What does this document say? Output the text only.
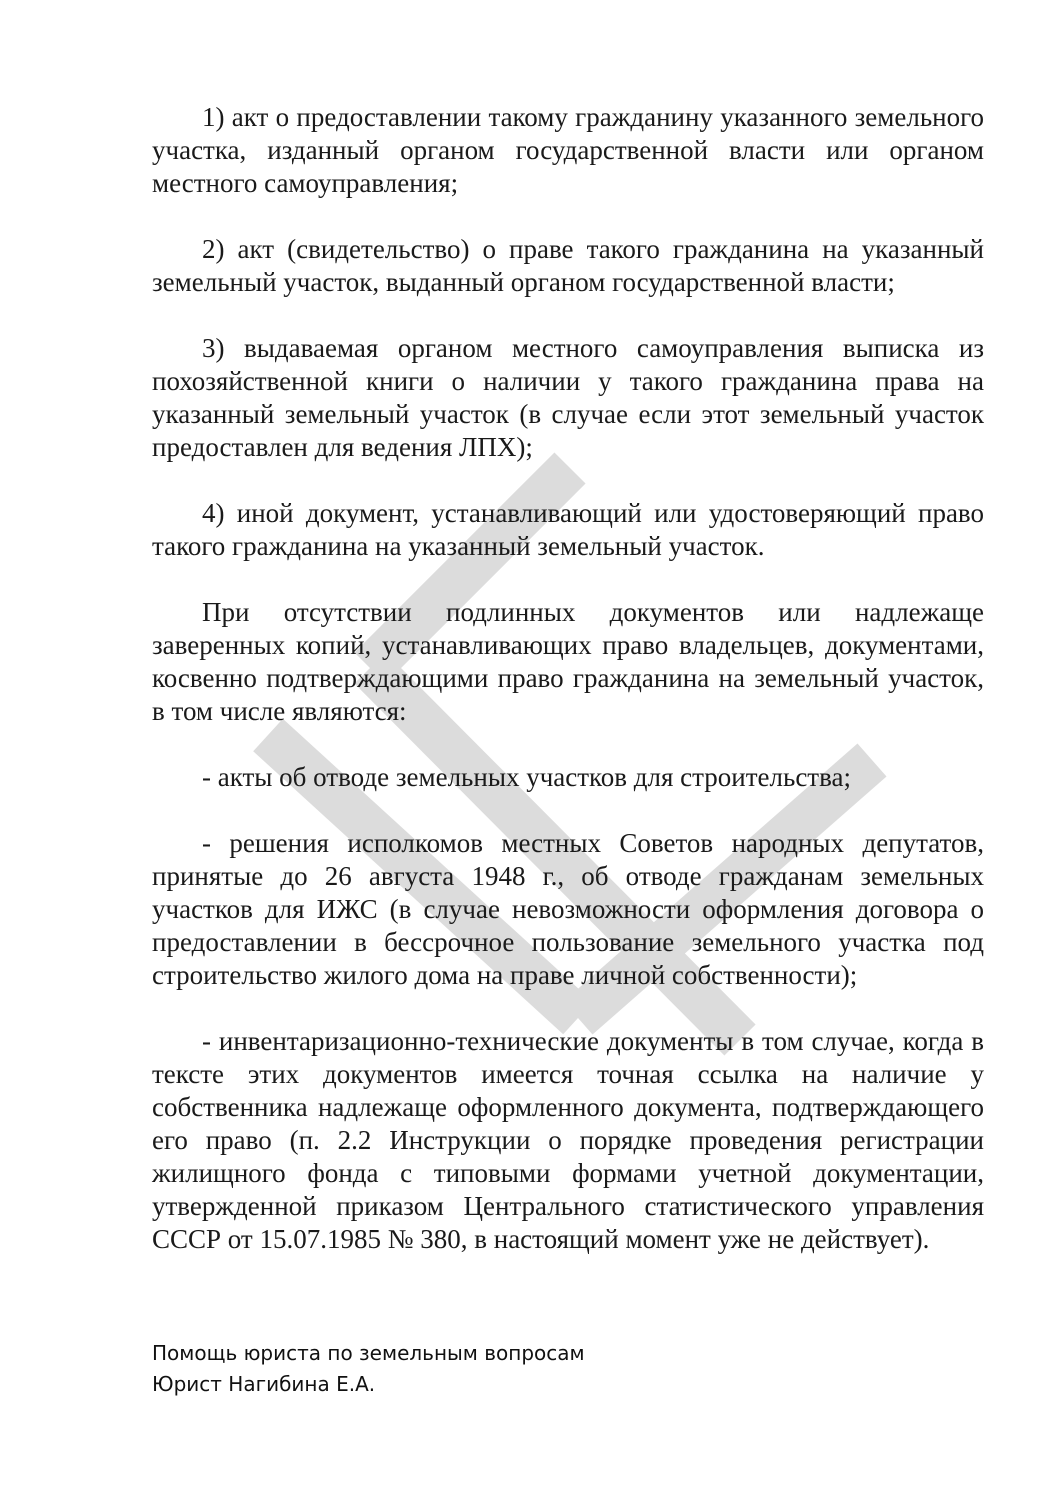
1) акт о предоставлении такому гражданину указанного земельного участка, изданный органом государственной власти или органом местного самоуправления;

2) акт (свидетельство) о праве такого гражданина на указанный земельный участок, выданный органом государственной власти;

3) выдаваемая органом местного самоуправления выписка из похозяйственной книги о наличии у такого гражданина права на указанный земельный участок (в случае если этот земельный участок предоставлен для ведения ЛПХ);

4) иной документ, устанавливающий или удостоверяющий право такого гражданина на указанный земельный участок.

При отсутствии подлинных документов или надлежаще заверенных копий, устанавливающих право владельцев, документами, косвенно подтверждающими право гражданина на земельный участок, в том числе являются:

- акты об отводе земельных участков для строительства;

- решения исполкомов местных Советов народных депутатов, принятые до 26 августа 1948 г., об отводе гражданам земельных участков для ИЖС (в случае невозможности оформления договора о предоставлении в бессрочное пользование земельного участка под строительство жилого дома на праве личной собственности);

- инвентаризационно-технические документы в том случае, когда в тексте этих документов имеется точная ссылка на наличие у собственника надлежаще оформленного документа, подтверждающего его право (п. 2.2 Инструкции о порядке проведения регистрации жилищного фонда с типовыми формами учетной документации, утвержденной приказом Центрального статистического управления СССР от 15.07.1985 № 380, в настоящий момент уже не действует).

Помощь юриста по земельным вопросам
Юрист Нагибина Е.А.
